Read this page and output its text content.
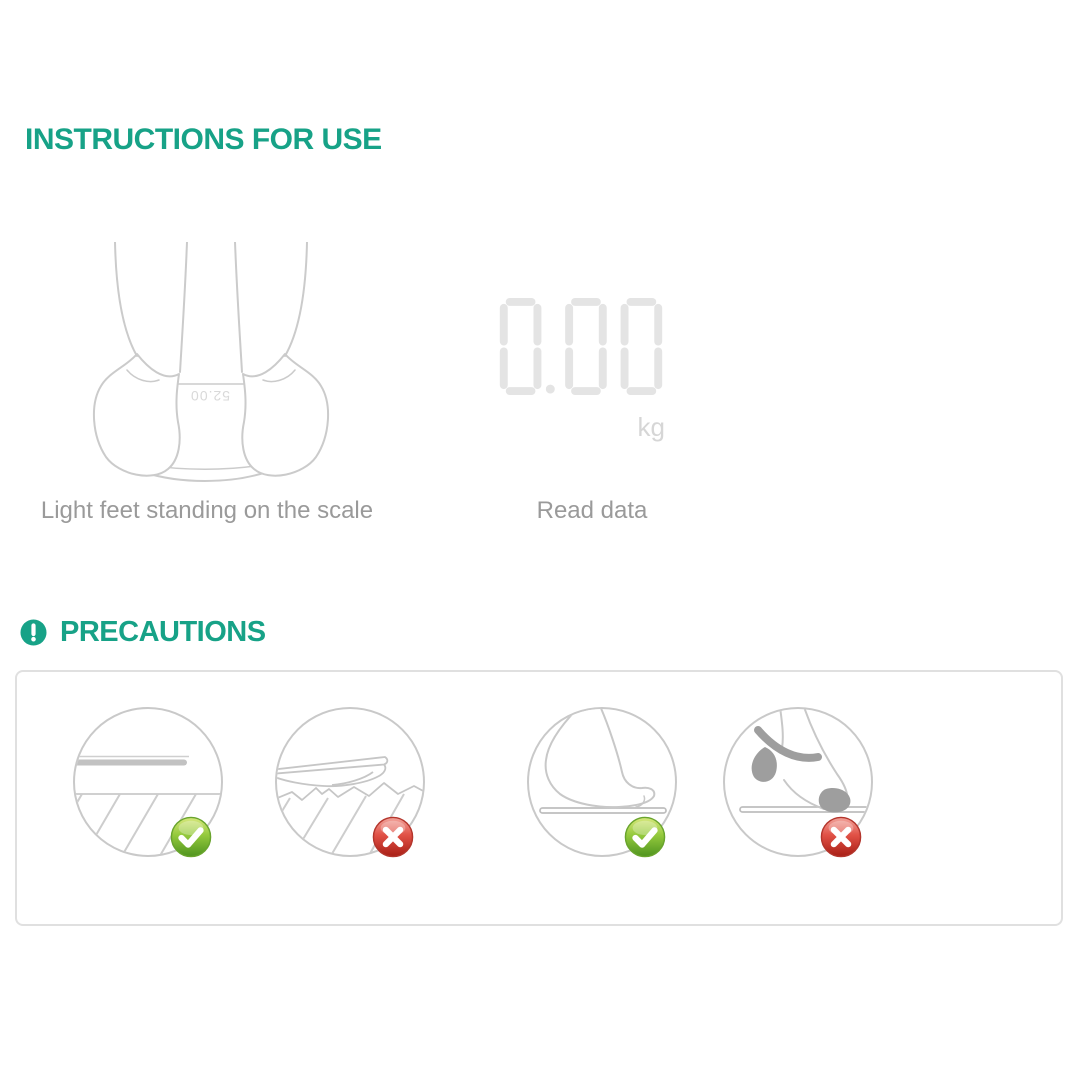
INSTRUCTIONS FOR USE
52.00
kg
Light feet standing on the scale	Read data
PRECAUTIONS
